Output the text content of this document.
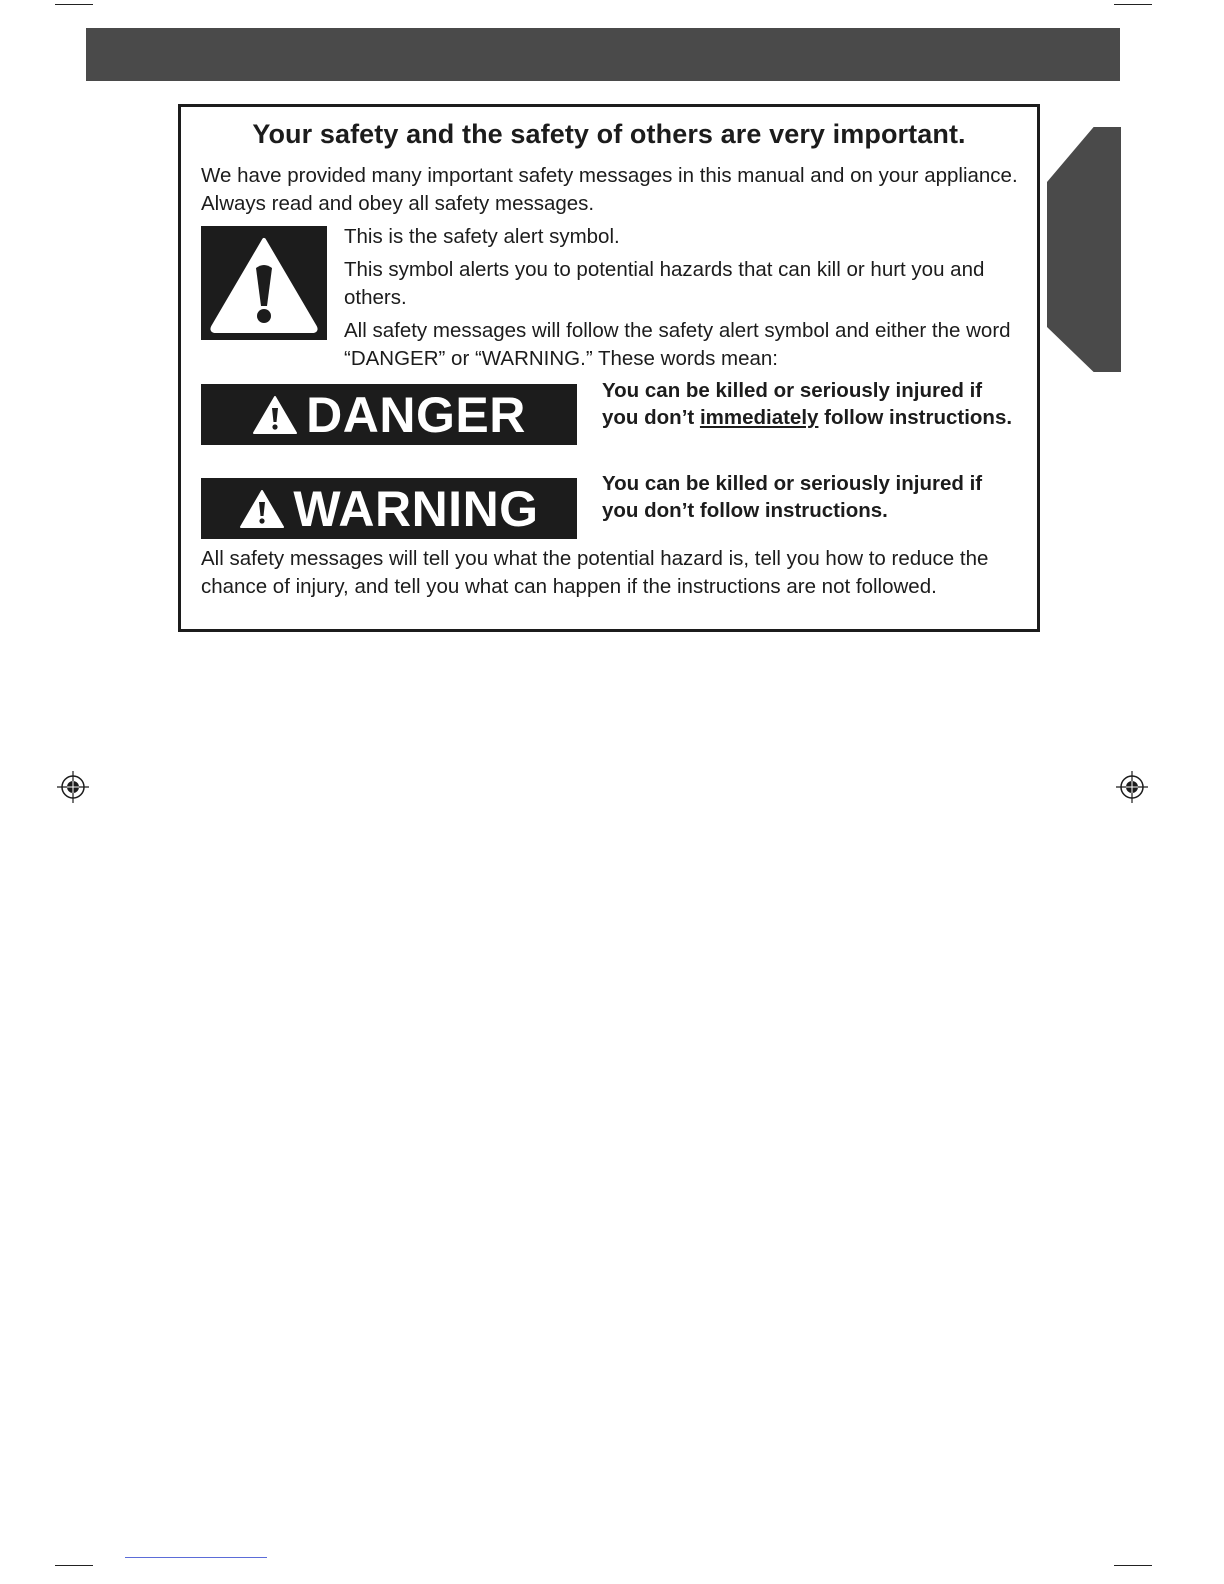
Your safety and the safety of others are very important.
We have provided many important safety messages in this manual and on your appliance. Always read and obey all safety messages.
This is the safety alert symbol.
This symbol alerts you to potential hazards that can kill or hurt you and others.
All safety messages will follow the safety alert symbol and either the word “DANGER” or “WARNING.” These words mean:
DANGER	You can be killed or seriously injured if you don’t immediately follow instructions.
WARNING	You can be killed or seriously injured if you don’t follow instructions.
All safety messages will tell you what the potential hazard is, tell you how to reduce the chance of injury, and tell you what can happen if the instructions are not followed.
